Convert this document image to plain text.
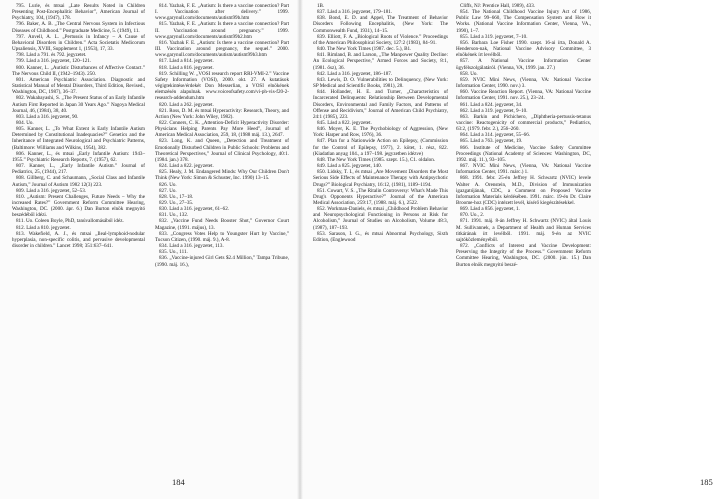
795. Lurie, és mtsai „Late Results Noted in Children Presenting Post-Encephalitic Behavior”, American Journal of Psychiatry, 104, (1947), 178.

796. Baker, A. B. „The Central Nervous System in Infectious Diseases of Childhood.” Postgraduate Medicine, 5. (1949), 11.

797. Anvell, A. L. „Pertussis in Infancy – A Cause of Behavioral Disorders in Children.” Acta Societatis Medicorum Upsaliensis, XVIII, Supplement 1, (1953), 17, 33.

798. Lásd a 791. és 792. jegyzetet.

799. Lásd a 316. jegyzetet, 120–121.

800. Kanner, L. „Autistic Disturbances of Affective Contact.” The Nervous Child II, (1942–1943). 250.

801. American Psychiatric Association. Diagnostic and Statistical Manual of Mental Disorders, Third Edition, Revised., Washington, DC, 1987), 36–37.

802. Wakabayashi, S. „The Present Status of an Early Infantile Autism First Reported in Japan 30 Years Ago.” Nagoya Medical Journal, 46, (1984), 38, 40.

803. Lásd a 316. jegyzetet, 90.

804. Uo.

805. Kanner, L. „To What Extent is Early Infantile Autism Determined by Constitutional Inadequacies?” Genetics and the Inheritance of Integrated Neurological and Psychiatric Patterns, (Baltimore: Williams and Wilkins, 1954), 382.

806. Kanner, L., és mtsai „Early Infantile Autism: 1943–1955.” Psychiatric Research Reports, 7. (1957), 62.

807. Kanner, L., „Early Infantile Autism.” Journal of Pediatrics, 25, (1944), 217.

808. Gillberg, C. and Schaumann, „Social Class and Infantile Autism,” Journal of Autism 1982 12(3) 223.

809. Lásd a 316. jegyzetet, 52–53.

810. „Autism: Present Challenges, Future Needs – Why the increased Rates?” Government Reform Committee Hearing, Washington, DC. (2000. ápr. 6.) Dan Burton elnök megnyitó beszédéből idézi.

811. Uo. Coleen Boyle, PhD, tanúvallomásából idéz.

812. Lásd a 810. jegyzetet.

813. Wakefield, A. J., és mtsai „Ileal-lymphoid-nodular hyperplasia, non-specific colitis, and pervasive developmental disorder in children.” Lancet 1998; 351:637–641.

814. Yazbak, F. E. „Autism: Is there a vaccine connection? Part I. Vaccination after delivery.” 1999. www.garynull.com/documents/autism99b.htm

815. Yazbak, F. E. „Autism: Is there a vaccine connection? Part II. Vaccination around pregnancy.” 1999. www.garynull.com/documents/autism99b2.htm

816. Yazbak F. E. „Autism: Is there a vaccine connection? Part III. Vaccination around pregnancy, the sequel.” 2000. www.garynull.com/documents/autism/autism99b3.htm

817. Lásd a 814. jegyzetet.

818. Lásd a 816. jegyzetet.

819. Schilling W. „VOSI research report RRI-VMI-2.” Vaccine Safety Information (VOSI), 2000. okt. 27. A kutatások végigtekintése/érdekét Don Messerlian, a VOSI elnökének elemzésén alapulnak. www.voiceofsafety.com/vi-ph-vis-f20-2-research-addendum.htm

820. Lásd a 262. jegyzetet.

821. Ross, D. M. és mtsai Hyperactivity: Research, Theory, and Action (New York: John Wiley, 1982).

822. Conners, C. K. „Attention-Deficit Hyperactivity Disorder: Physicians Helping Parents Pay More Heed”, Journal of American Medical Association, 259, 18, (1988 máj. 13.), 2647.

823. Long, K. and Queen, „Detection and Treatment of Emotionally Disturbed Children in Public Schools: Problems and Theoretical Perspectives,” Journal of Clinical Psychology, 40:1. (1984. jan.) 378.

824. Lásd a 822. jegyzetet.

825. Healy, J. M. Endangered Minds: Why Our Children Don't Think (New York: Simon & Schuster, Inc. 1990) 13–15.

826. Uo.

827. Uo.

828. Uo., 17–18.

829. Uo., 27–35.

830. Lásd a 316. jegyzetet, 61–62.

831. Uo., 132.

832. „Vaccine Fund Needs Booster Shot,” Governor Court Magazine, (1991. május), 13.

833. „Congress Votes Help to Youngster Hurt by Vaccine,” Tucson Citizen, (1990. máj. 9.), A-8.

834. Lásd a 316. jegyzetet, 113.

835. Uo., 111.

836. „Vaccine-injured Girl Gets $2.4 Million,” Tampa Tribune, (1990. máj. 16.),

184

1B.

837. Lásd a 316. jegyzetet, 179–181.

838. Bond, E. D. and Appel, The Treatment of Behavior Disorders Following Encephalitis, (New York: The Commonwealth Fund, 1931), 14–15.

839. Elliott, F. A. „Biological Roots of Violence.” Proceedings of the American Philosophical Society, 127:2 (1983), 84–91.

840. The New York Times (1987. dec. 5.), B1.

841. Rimland, B. and Larson, „The Manpower Quality Decline: An Ecological Perspective,” Armed Forces and Society, 8:1, (1981. ősz), 36.

842. Lásd a 316. jegyzetet, 186–187.

843. Lewis, D. O. Vulnerabilities to Delinquency, (New York: SP Medical and Scientific Books, 1981), 28.

844. Hollander, H. E. and Turner, „Characteristics of Incarcerated Delinquents: Relationship Between Developmental Disorders, Environmental and Family Factors, and Patterns of Offense and Recidivism,” Journal of American Child Psychiatry, 24:1 (1985), 223.

845. Lásd a 822. jegyzetet.

846. Moyer, K. E. The Psychobiology of Aggression, (New York: Harper and Row, 1976), 36.

847. Plan for a Nationwide Action on Epilepsy, (Commission for the Control of Epilepsy, 1977), 2. kötet, 1. rész, 822. (Kiadatlan anyag 104., a 197–198. jegyzetben idézve)

848. The New York Times (1985. szept. 15.), C1. oldalon.

849. Lásd a 825. jegyzetet, 140.

850. Lidsky, T. I., és mtsai „Are Movement Disorders the Most Serious Side Effects of Maintenance Therapy with Antipsychotic Drugs?” Biological Psychiatry, 16:12, (1981), 1189–1194.

851. Cowart, V. S. „The Ritalin Controversy: What's Made This Drug's Opponents Hyperactive?” Journal of the American Medical Association, 259:17, (1988. máj. 6.), 2522.

852. Workman-Daniels, és mtsai „Childhood Problem Behavior and Neuropsychological Functioning in Persons at Risk for Alcoholism,” Journal of Studies on Alcoholism, Volume 48:3, (1987), 187–193.

853. Sarason, I. G., és mtsai Abnormal Psychology, Sixth Edition, (Englewood

Cliffs, NJ: Prentice Hall, 1989), 433.

854. The National Childhood Vaccine Injury Act of 1986, Public Law 99–660, The Compensation System and How it Works. (National Vaccine Information Center, Vienna, VA., 1990), 1–7.

855. Lásd a 319. jegyzetet, 7–10.

856. Barbara Loe Fisher 1990. szept. 16-ai írta, Donald A. Henderson-nak, National Vaccine Advisory Committee, 3 elnökének írt levélből.

857. A National Vaccine Information Center ügyfélszolgálatáról. (Vienna, VA, 1999. jan. 27.)

858. Uo.

859. NVIC Mini News, (Vienna, VA: National Vaccine Information Center, 1990. nov.) 3.

860. Vaccine Reaction Report. (Vienna, VA: National Vaccine Information Center, 1991. nov. 25.), 23–24.

861. Lásd a 824. jegyzetet, 34.

862. Lásd a 319. jegyzetet, 9–10.

863. Barkin and Pichichero, „Diphtheria-pertussis-tetanus vaccine: Reactogenicity of commercial products,” Pediatrics, 63:2, (1979. febr. 2.), 256–260.

864. Lásd a 314. jegyzetet, 55–66.

865. Lásd a 763. jegyzetet, 19.

866. Institute of Medicine, Vaccine Safety Committee Proceedings (National Academy of Sciences: Washington, DC, 1992. máj. 11.), 93–105.

867. NVIC Mini News, (Vienna, VA: National Vaccine Information Center, 1991. márc.) 1.

868. 1991. febr. 25-én Jeffrey H. Schwartz (NVIC) levele Walter A. Orenstein, M.D., Division of Immunization igazgatójának, CDC, a Comment on Proposed Vaccine Information Materials kérdésében. 1991. márc. 19-én Dr. Claire Broome-hoz (CDC) intézett levél, kísérő kiegészítésekkel.

869. Lásd a 856. jegyzetet, 1.

870. Uo., 2.

871. 1991. máj. 8-án Jeffrey H. Schwartz (NVIC) által Louis M. Sullivannek, a Department of Health and Human Services titkárának írt levélből. 1991. máj. 9-én az NVIC sajtóközleményéből.

872. „Conflicts of Interest and Vaccine Development: Preserving the Integrity of the Process.” Government Reform Committee Hearing, Washington, DC. (2000. jún. 15.) Dan Burton elnök megnyitó beszé-

185
